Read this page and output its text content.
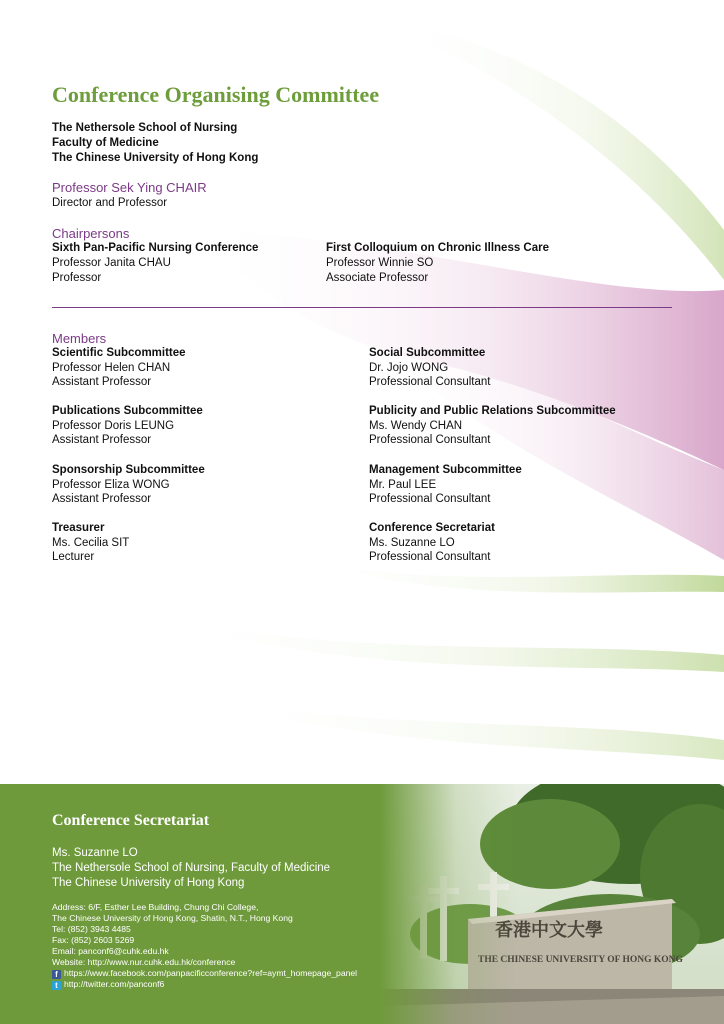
Conference Organising Committee
The Nethersole School of Nursing
Faculty of Medicine
The Chinese University of Hong Kong
Professor Sek Ying CHAIR
Director and Professor
Chairpersons
Sixth Pan-Pacific Nursing Conference
Professor Janita CHAU
Professor
First Colloquium on Chronic Illness Care
Professor Winnie SO
Associate Professor
Members
Scientific Subcommittee
Professor Helen CHAN
Assistant Professor
Publications Subcommittee
Professor Doris LEUNG
Assistant Professor
Sponsorship Subcommittee
Professor Eliza WONG
Assistant Professor
Treasurer
Ms. Cecilia SIT
Lecturer
Social Subcommittee
Dr. Jojo WONG
Professional Consultant
Publicity and Public Relations Subcommittee
Ms. Wendy CHAN
Professional Consultant
Management Subcommittee
Mr. Paul LEE
Professional Consultant
Conference Secretariat
Ms. Suzanne LO
Professional Consultant
Conference Secretariat
Ms. Suzanne LO
The Nethersole School of Nursing, Faculty of Medicine
The Chinese University of Hong Kong
Address: 6/F, Esther Lee Building, Chung Chi College,
The Chinese University of Hong Kong, Shatin, N.T., Hong Kong
Tel: (852) 3943 4485
Fax: (852) 2603 5269
Email: panconf6@cuhk.edu.hk
Website: http://www.nur.cuhk.edu.hk/conference
f https://www.facebook.com/panpacificconference?ref=aymt_homepage_panel
t http://twitter.com/panconf6
